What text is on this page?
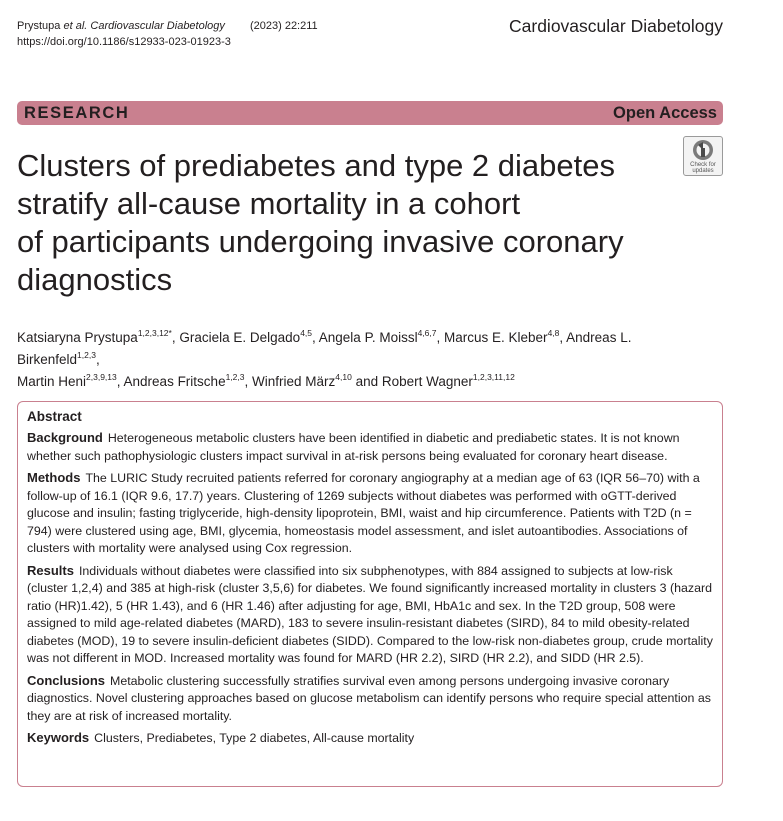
Prystupa et al. Cardiovascular Diabetology (2023) 22:211
https://doi.org/10.1186/s12933-023-01923-3
Cardiovascular Diabetology
RESEARCH	Open Access
Clusters of prediabetes and type 2 diabetes
stratify all-cause mortality in a cohort
of participants undergoing invasive coronary
diagnostics
Check for
updates
Katsiaryna Prystupa$^{1,2,3,12*}$, Graciela E. Delgado$^{4,5}$, Angela P. Moissl$^{4,6,7}$, Marcus E. Kleber$^{4,8}$, Andreas L. Birkenfeld$^{1,2,3}$,
Martin Heni$^{2,3,9,13}$, Andreas Fritsche$^{1,2,3}$, Winfried März$^{4,10}$ and Robert Wagner$^{1,2,3,11,12}$
Abstract

Background Heterogeneous metabolic clusters have been identified in diabetic and prediabetic states. It is not known whether such pathophysiologic clusters impact survival in at-risk persons being evaluated for coronary heart disease.

Methods The LURIC Study recruited patients referred for coronary angiography at a median age of 63 (IQR 56–70) with a follow-up of 16.1 (IQR 9.6, 17.7) years. Clustering of 1269 subjects without diabetes was performed with oGTT-derived glucose and insulin; fasting triglyceride, high-density lipoprotein, BMI, waist and hip circumference. Patients with T2D (n = 794) were clustered using age, BMI, glycemia, homeostasis model assessment, and islet autoantibodies. Associations of clusters with mortality were analysed using Cox regression.

Results Individuals without diabetes were classified into six subphenotypes, with 884 assigned to subjects at low-risk (cluster 1,2,4) and 385 at high-risk (cluster 3,5,6) for diabetes. We found significantly increased mortality in clusters 3 (hazard ratio (HR)1.42), 5 (HR 1.43), and 6 (HR 1.46) after adjusting for age, BMI, HbA1c and sex. In the T2D group, 508 were assigned to mild age-related diabetes (MARD), 183 to severe insulin-resistant diabetes (SIRD), 84 to mild obesity-related diabetes (MOD), 19 to severe insulin-deficient diabetes (SIDD). Compared to the low-risk non-diabetes group, crude mortality was not different in MOD. Increased mortality was found for MARD (HR 2.2), SIRD (HR 2.2), and SIDD (HR 2.5).

Conclusions Metabolic clustering successfully stratifies survival even among persons undergoing invasive coronary diagnostics. Novel clustering approaches based on glucose metabolism can identify persons who require special attention as they are at risk of increased mortality.

Keywords Clusters, Prediabetes, Type 2 diabetes, All-cause mortality
